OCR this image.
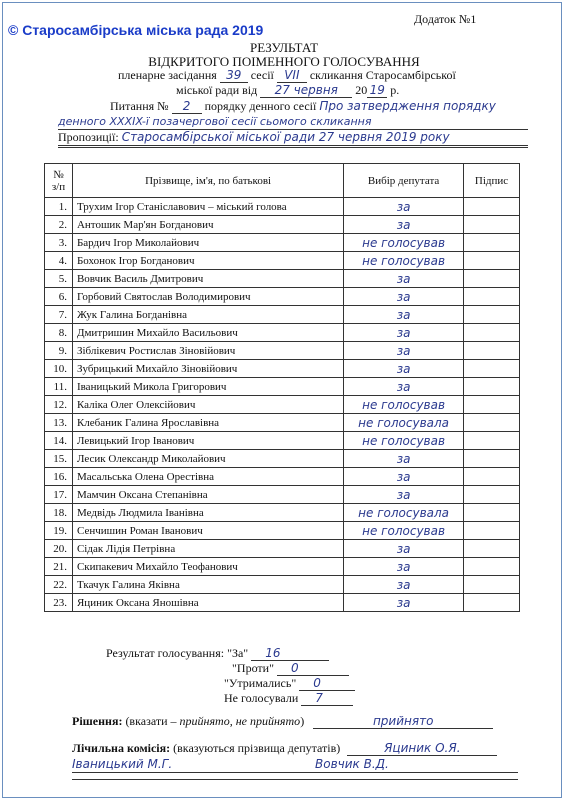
© Старосамбірська міська рада 2019
Додаток №1
РЕЗУЛЬТАТ
ВІДКРИТОГО ПОІМЕННОГО ГОЛОСУВАННЯ
пленарне засідання 39 сесії VII скликання Старосамбірської
міської ради від 27 червня 20 19 р.
Питання № 2 порядку денного сесії Про затвердження порядку
денного XXXIX-ї позачергової сесії сьомого скликання
Пропозиції: Старосамбірської міської ради 27 червня 2019 року
№ з/п	Прізвище, ім'я, по батькові	Вибір депутата	Підпис
1.	Трухим Ігор Станіславович – міський голова	за	
2.	Антошик Мар'ян Богданович	за	
3.	Бардич Ігор Миколайович	не голосував	
4.	Бохонок Ігор Богданович	не голосував	
5.	Вовчик Василь Дмитрович	за	
6.	Горбовий Святослав Володимирович	за	
7.	Жук Галина Богданівна	за	
8.	Дмитришин Михайло Васильович	за	
9.	Зіблікевич Ростислав Зіновійович	за	
10.	Зубрицький Михайло Зіновійович	за	
11.	Іваницький Микола Григорович	за	
12.	Каліка Олег Олексійович	не голосував	
13.	Клебаник Галина Ярославівна	не голосувала	
14.	Левицький Ігор Іванович	не голосував	
15.	Лесик Олександр Миколайович	за	
16.	Масальська Олена Орестівна	за	
17.	Мамчин Оксана Степанівна	за	
18.	Медвідь Людмила Іванівна	не голосувала	
19.	Сенчишин Роман Іванович	не голосував	
20.	Сідак Лідія Петрівна	за	
21.	Скипакевич Михайло Теофанович	за	
22.	Ткачук Галина Яківна	за	
23.	Яциник Оксана Яношівна	за	
Результат голосування: "За" 16
"Проти" 0
"Утримались" 0
Не голосували 7
Рішення: (вказати – прийнято, не прийнято)	прийнято
Лічильна комісія: (вказуються прізвища депутатів)	Яциник О.Я.
Іваницький М.Г.	Вовчик В.Д.
